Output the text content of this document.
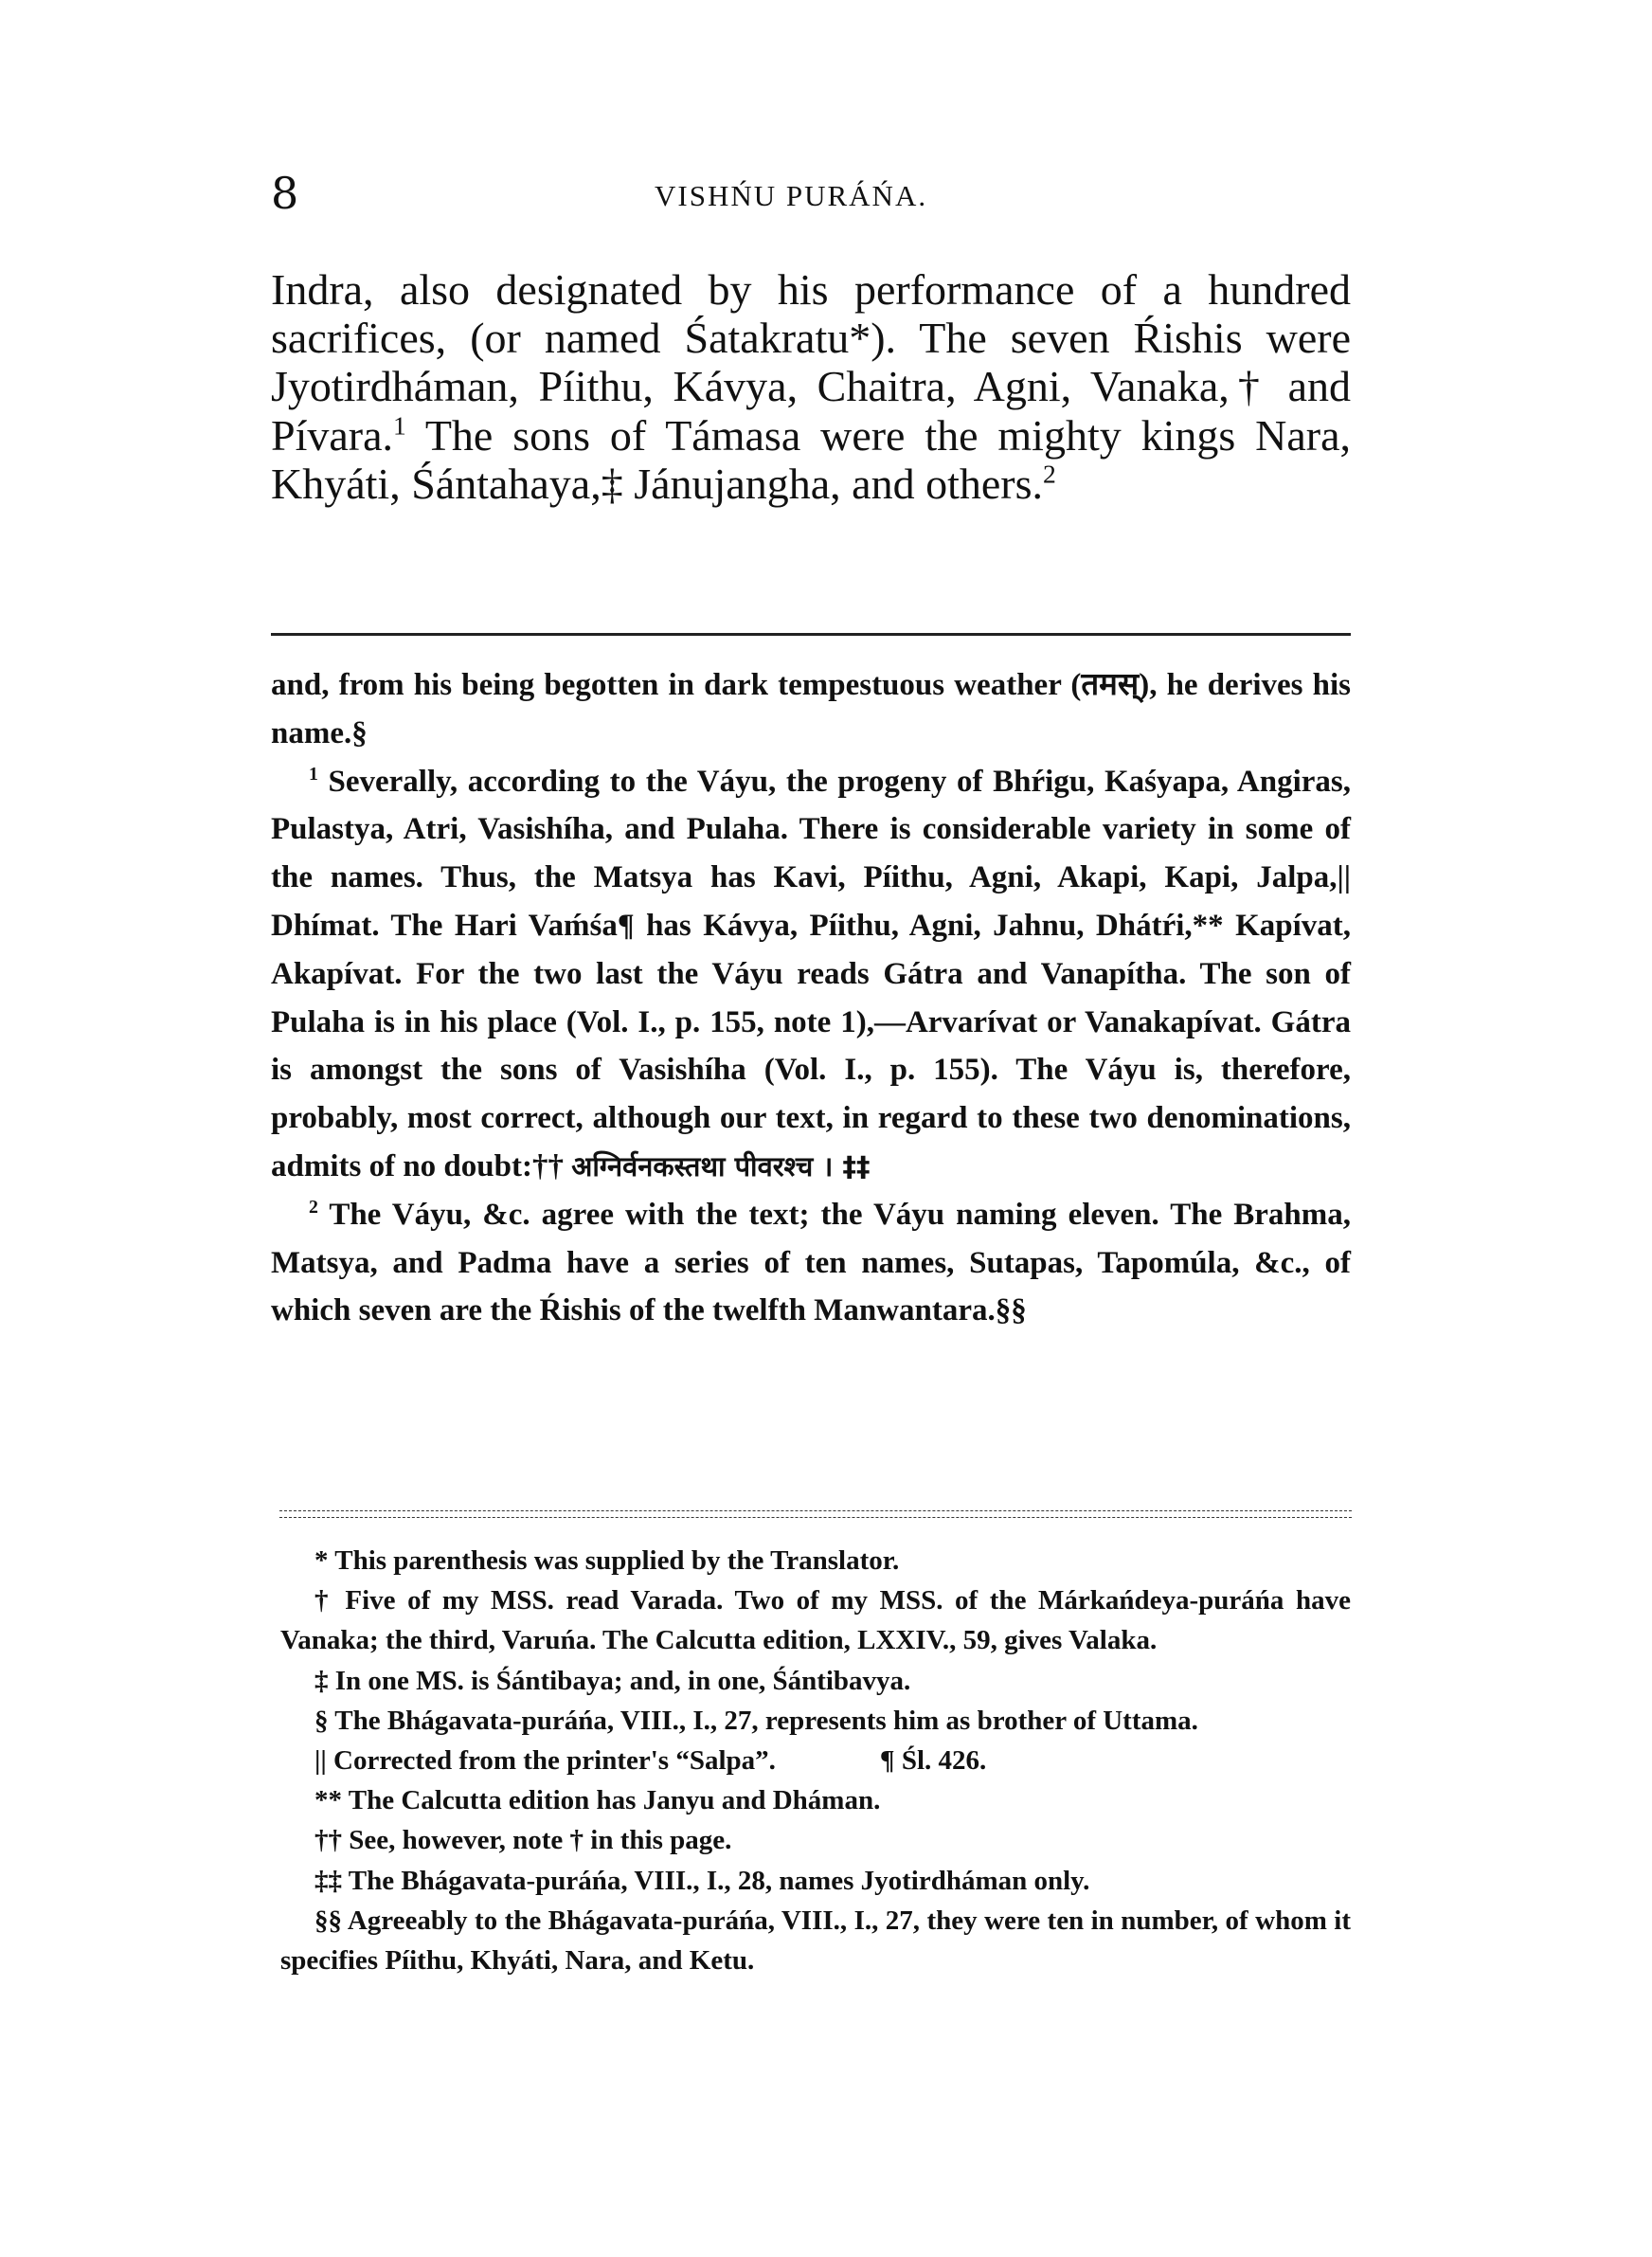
8	VISHŃU PURÁŃA.

Indra, also designated by his performance of a hundred sacrifices, (or named Śatakratu*). The seven Ŕishis were Jyotirdháman, Píithu, Kávya, Chaitra, Agni, Vanaka,† and Pívara.$^1$ The sons of Támasa were the mighty kings Nara, Khyáti, Śántahaya,‡ Jánujangha, and others.$^2$

and, from his being begotten in dark tempestuous weather (तमस्), he derives his name.§

$^1$ Severally, according to the Váyu, the progeny of Bhŕigu, Kaśyapa, Angiras, Pulastya, Atri, Vasishíha, and Pulaha. There is considerable variety in some of the names. Thus, the Matsya has Kavi, Píithu, Agni, Akapi, Kapi, Jalpa,|| Dhímat. The Hari Vaḿśa¶ has Kávya, Píithu, Agni, Jahnu, Dhátŕi,** Kapívat, Akapívat. For the two last the Váyu reads Gátra and Vanapítha. The son of Pulaha is in his place (Vol. I., p. 155, note 1),—Arvarívat or Vanakapívat. Gátra is amongst the sons of Vasishíha (Vol. I., p. 155). The Váyu is, therefore, probably, most correct, although our text, in regard to these two denominations, admits of no doubt:†† अग्निर्वनकस्तथा पीवरश्च । ‡‡

$^2$ The Váyu, &c. agree with the text; the Váyu naming eleven. The Brahma, Matsya, and Padma have a series of ten names, Sutapas, Tapomúla, &c., of which seven are the Ŕishis of the twelfth Manwantara.§§

* This parenthesis was supplied by the Translator.

† Five of my MSS. read Varada. Two of my MSS. of the Márkańdeya-puráńa have Vanaka; the third, Varuńa. The Calcutta edition, LXXIV., 59, gives Valaka.

‡ In one MS. is Śántibaya; and, in one, Śántibavya.

§ The Bhágavata-puráńa, VIII., I., 27, represents him as brother of Uttama.

|| Corrected from the printer's “Salpa”.	¶ Śl. 426.

** The Calcutta edition has Janyu and Dháman.

†† See, however, note † in this page.

‡‡ The Bhágavata-puráńa, VIII., I., 28, names Jyotirdháman only.

§§ Agreeably to the Bhágavata-puráńa, VIII., I., 27, they were ten in number, of whom it specifies Píithu, Khyáti, Nara, and Ketu.
